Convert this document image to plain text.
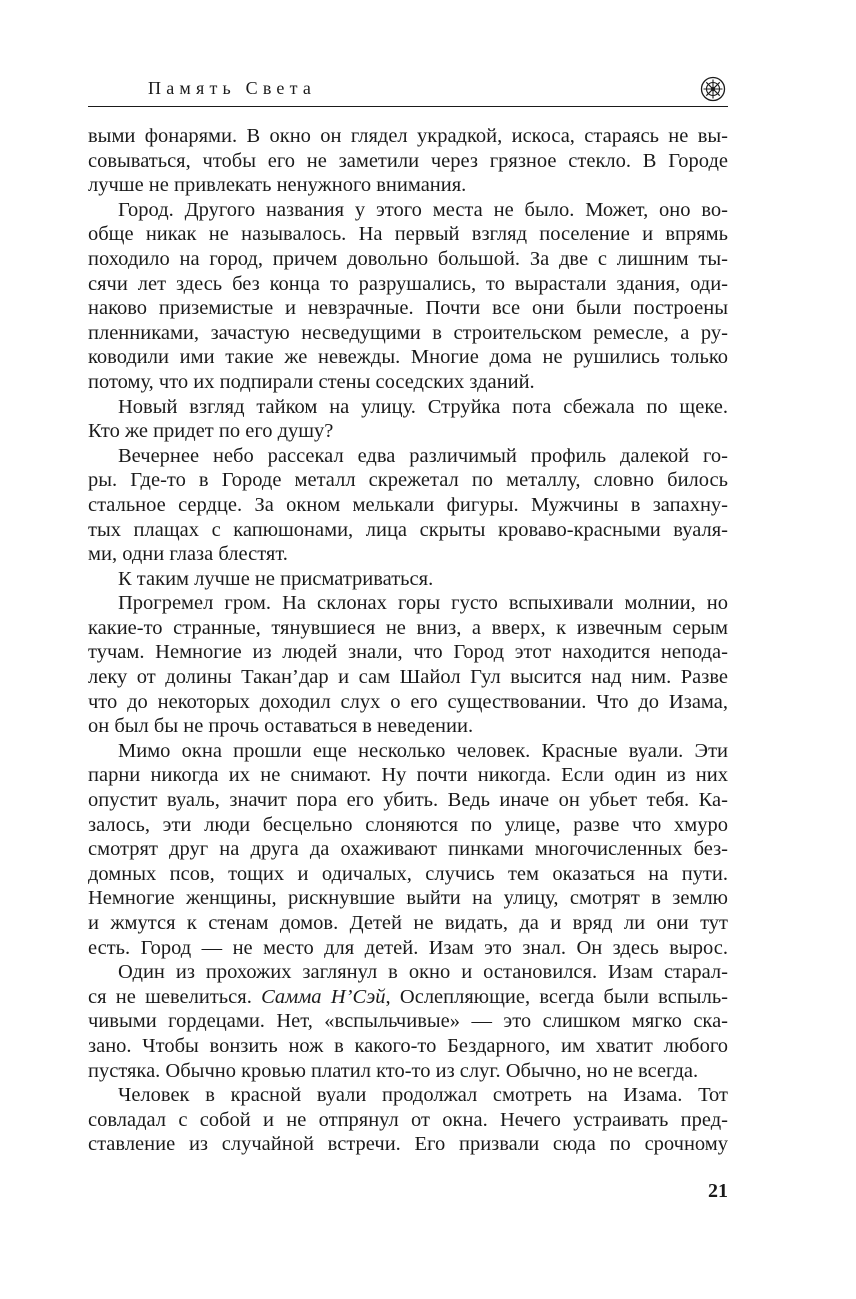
Память Света
выми фонарями. В окно он глядел украдкой, искоса, стараясь не вы-
совываться, чтобы его не заметили через грязное стекло. В Городе
лучше не привлекать ненужного внимания.
Город. Другого названия у этого места не было. Может, оно во-
обще никак не называлось. На первый взгляд поселение и впрямь
походило на город, причем довольно большой. За две с лишним ты-
сячи лет здесь без конца то разрушались, то вырастали здания, оди-
наково приземистые и невзрачные. Почти все они были построены
пленниками, зачастую несведущими в строительском ремесле, а ру-
ководили ими такие же невежды. Многие дома не рушились только
потому, что их подпирали стены соседских зданий.
Новый взгляд тайком на улицу. Струйка пота сбежала по щеке.
Кто же придет по его душу?
Вечернее небо рассекал едва различимый профиль далекой го-
ры. Где-то в Городе металл скрежетал по металлу, словно билось
стальное сердце. За окном мелькали фигуры. Мужчины в запахну-
тых плащах с капюшонами, лица скрыты кроваво-красными вуаля-
ми, одни глаза блестят.
К таким лучше не присматриваться.
Прогремел гром. На склонах горы густо вспыхивали молнии, но
какие-то странные, тянувшиеся не вниз, а вверх, к извечным серым
тучам. Немногие из людей знали, что Город этот находится непода-
леку от долины Такан’дар и сам Шайол Гул высится над ним. Разве
что до некоторых доходил слух о его существовании. Что до Изама,
он был бы не прочь оставаться в неведении.
Мимо окна прошли еще несколько человек. Красные вуали. Эти
парни никогда их не снимают. Ну почти никогда. Если один из них
опустит вуаль, значит пора его убить. Ведь иначе он убьет тебя. Ка-
залось, эти люди бесцельно слоняются по улице, разве что хмуро
смотрят друг на друга да охаживают пинками многочисленных без-
домных псов, тощих и одичалых, случись тем оказаться на пути.
Немногие женщины, рискнувшие выйти на улицу, смотрят в землю
и жмутся к стенам домов. Детей не видать, да и вряд ли они тут
есть. Город — не место для детей. Изам это знал. Он здесь вырос.
Один из прохожих заглянул в окно и остановился. Изам старал-
ся не шевелиться. Самма Н’Сэй, Ослепляющие, всегда были вспыль-
чивыми гордецами. Нет, «вспыльчивые» — это слишком мягко ска-
зано. Чтобы вонзить нож в какого-то Бездарного, им хватит любого
пустяка. Обычно кровью платил кто-то из слуг. Обычно, но не всегда.
Человек в красной вуали продолжал смотреть на Изама. Тот
совладал с собой и не отпрянул от окна. Нечего устраивать пред-
ставление из случайной встречи. Его призвали сюда по срочному
21
